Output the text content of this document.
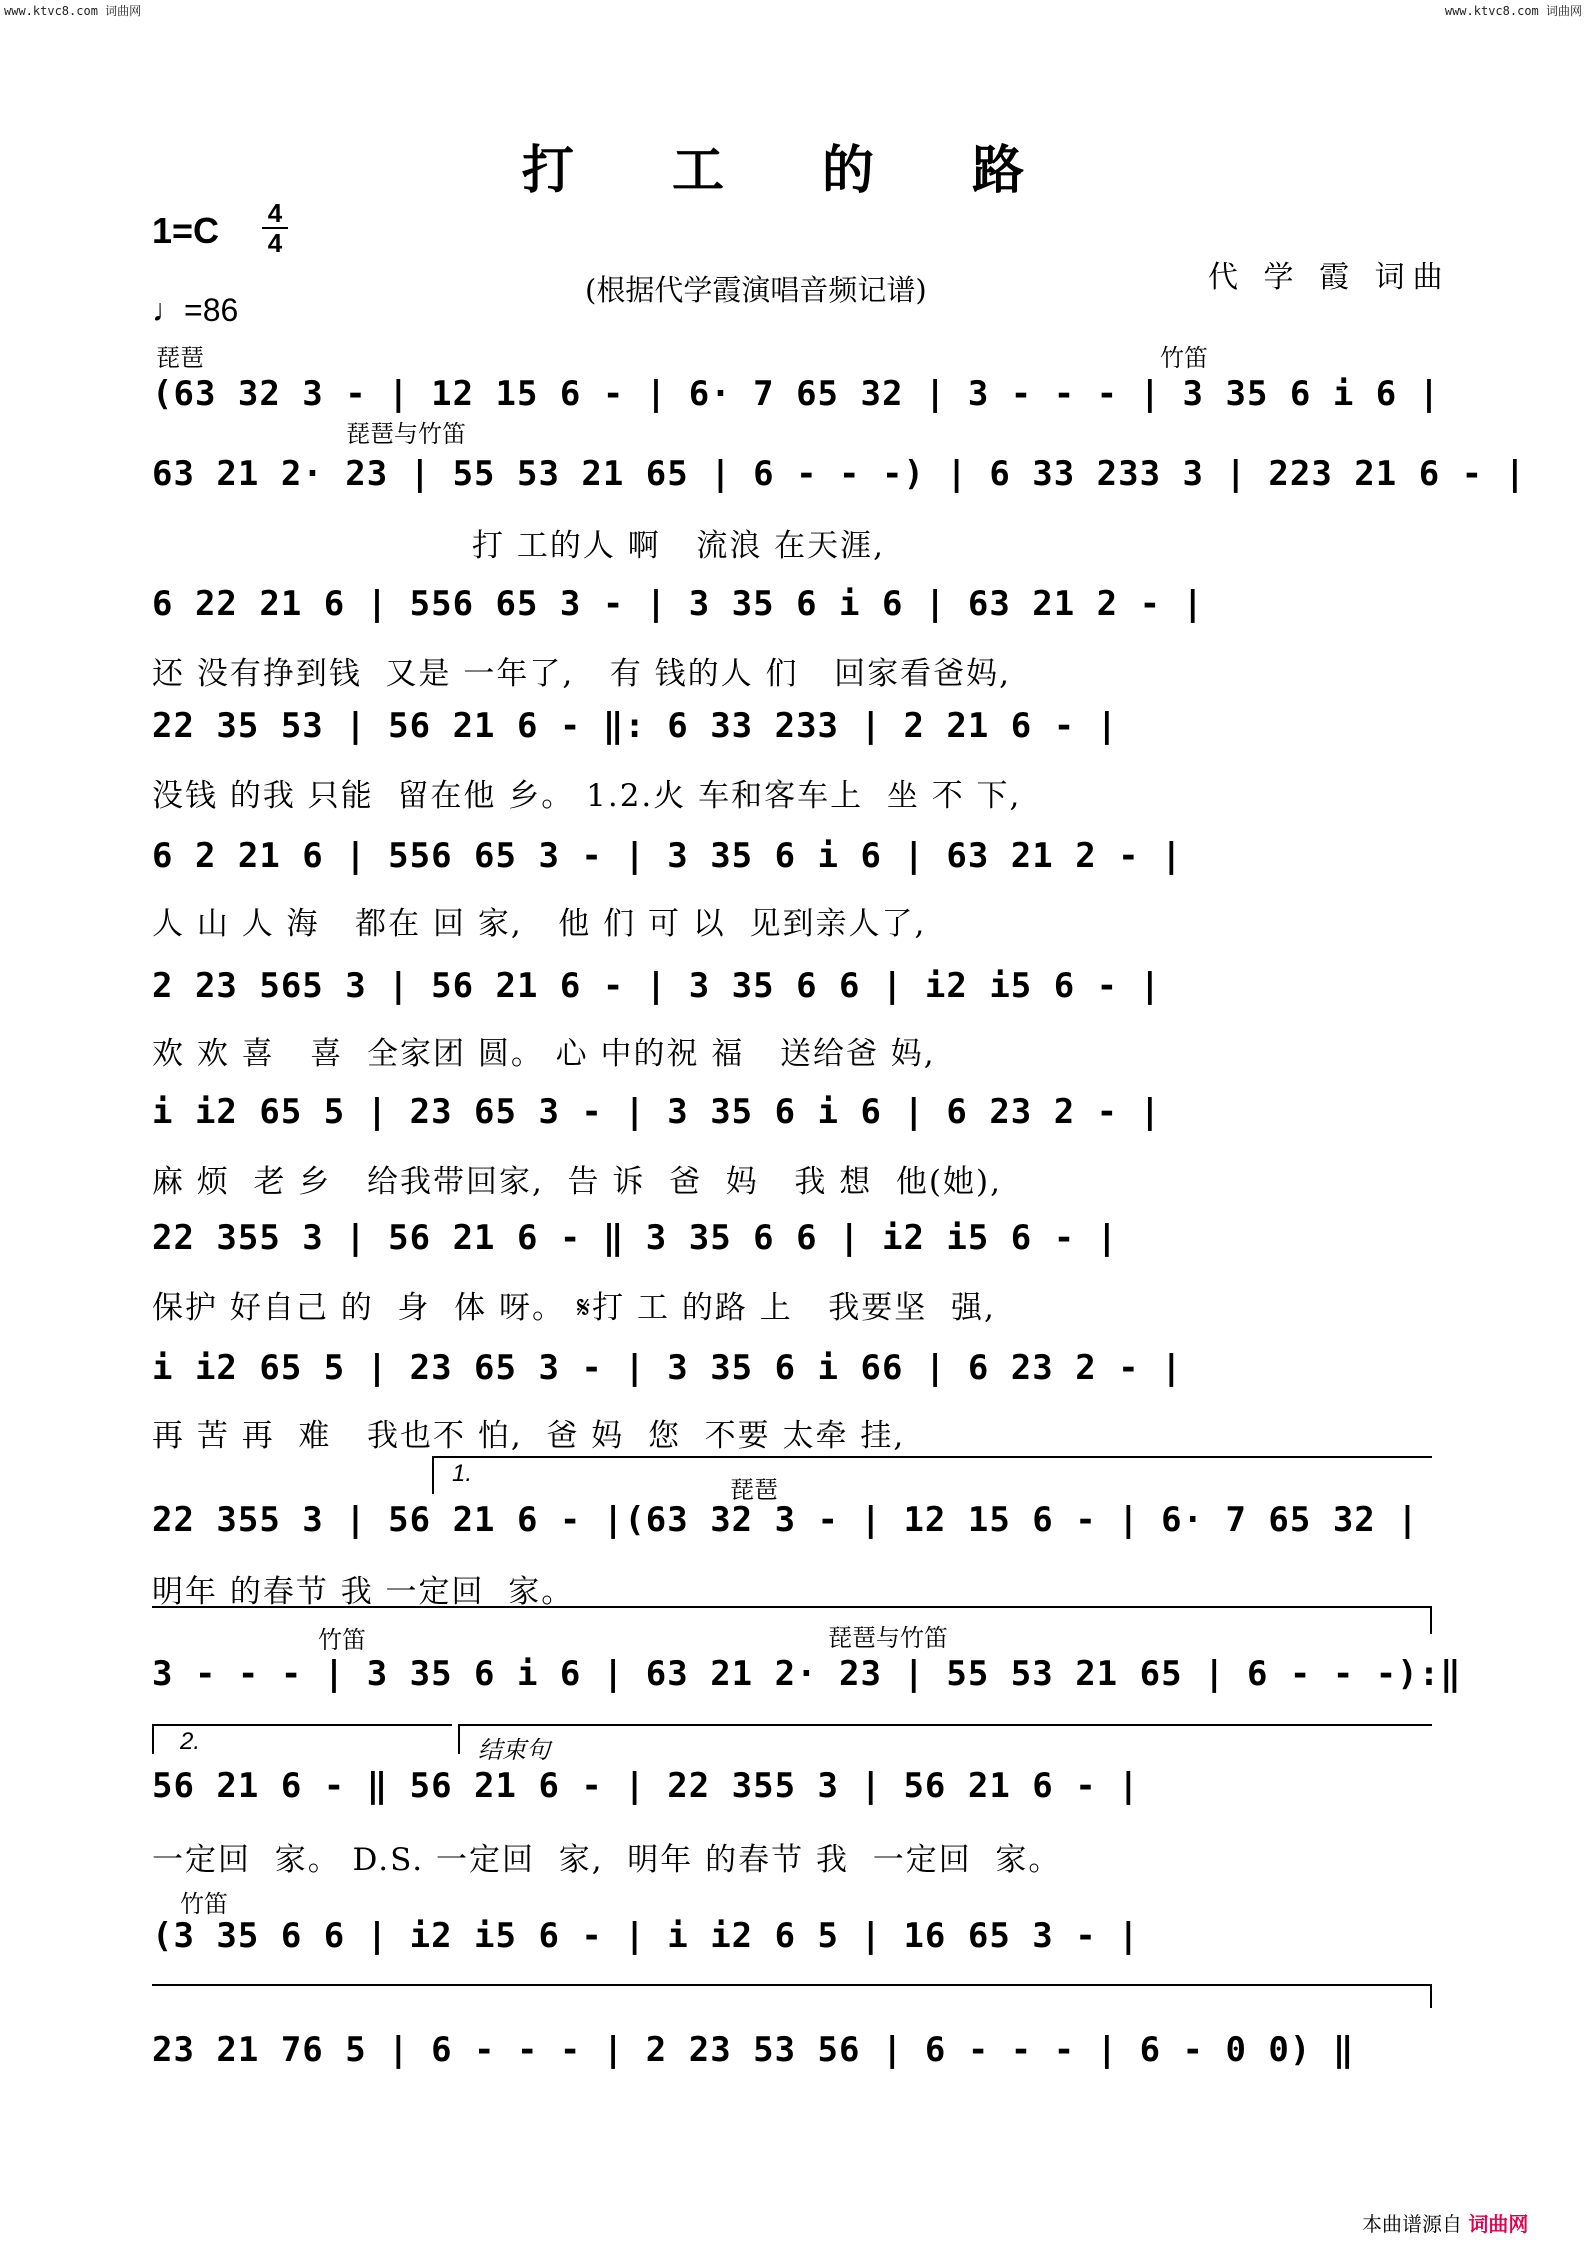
www.ktvc8.com 词曲网	www.ktvc8.com 词曲网
打 工 的 路
1=C 4
4
♩=86
(根据代学霞演唱音频记谱)	代 学 霞 词曲
琵琶	竹笛
琵琶与竹笛
琵琶
竹笛	琵琶与竹笛
结束句
竹笛
1.
2.
(63 32 3 - | 12 15 6 - | 6· 7 65 32 | 3 - - - | 3 35 6 i 6 |
63 21 2· 23 | 55 53 21 65 | 6 - - -) | 6 33 233 3 | 223 21 6 - |
打 工的人 啊   流浪 在天涯,
6 22 21 6 | 556 65 3 - | 3 35 6 i 6 | 63 21 2 - |
还 没有挣到钱  又是 一年了,   有 钱的人 们   回家看爸妈,
22 35 53 | 56 21 6 - ‖: 6 33 233 | 2 21 6 - |
没钱 的我 只能  留在他 乡。 1.2.火 车和客车上  坐 不 下,
6 2 21 6 | 556 65 3 - | 3 35 6 i 6 | 63 21 2 - |
人 山 人 海   都在 回 家,   他 们 可 以  见到亲人了,
2 23 565 3 | 56 21 6 - | 3 35 6 6 | i2 i5 6 - |
欢 欢 喜   喜  全家团 圆。 心 中的祝 福   送给爸 妈,
i i2 65 5 | 23 65 3 - | 3 35 6 i 6 | 6 23 2 - |
麻 烦  老 乡   给我带回家,  告 诉  爸  妈   我 想  他(她),
22 355 3 | 56 21 6 - ‖ 3 35 6 6 | i2 i5 6 - |
保护 好自己 的  身  体 呀。 𝄋打 工 的路 上   我要坚  强,
i i2 65 5 | 23 65 3 - | 3 35 6 i 66 | 6 23 2 - |
再 苦 再  难   我也不 怕,  爸 妈  您  不要 太牵 挂,
22 355 3 | 56 21 6 - |(63 32 3 - | 12 15 6 - | 6· 7 65 32 |
明年 的春节 我 一定回  家。
3 - - - | 3 35 6 i 6 | 63 21 2· 23 | 55 53 21 65 | 6 - - -):‖
56 21 6 - ‖ 56 21 6 - | 22 355 3 | 56 21 6 - |
一定回  家。 D.S. 一定回  家,  明年 的春节 我  一定回  家。
(3 35 6 6 | i2 i5 6 - | i i2 6 5 | 16 65 3 - |
23 21 76 5 | 6 - - - | 2 23 53 56 | 6 - - - | 6 - 0 0) ‖
本曲谱源自 词曲网
